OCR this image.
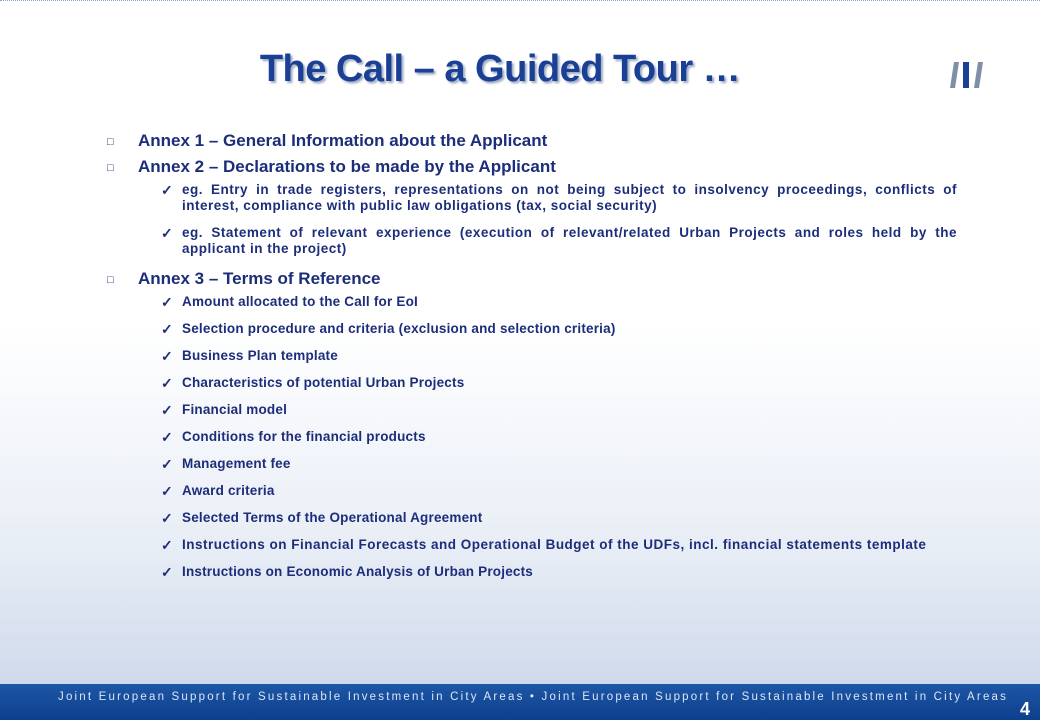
The Call – a Guided Tour …
□ Annex 1 – General Information about the Applicant
□ Annex 2 – Declarations to be made by the Applicant
✓ eg. Entry in trade registers, representations on not being subject to insolvency proceedings, conflicts of interest, compliance with public law obligations (tax, social security)
✓ eg. Statement of relevant experience (execution of relevant/related Urban Projects and roles held by the applicant in the project)
□ Annex 3 – Terms of Reference
✓ Amount allocated to the Call for EoI
✓ Selection procedure and criteria (exclusion and selection criteria)
✓ Business Plan template
✓ Characteristics of potential Urban Projects
✓ Financial model
✓ Conditions for the financial products
✓ Management fee
✓ Award criteria
✓ Selected Terms of the Operational Agreement
✓ Instructions on Financial Forecasts and Operational Budget of the UDFs, incl. financial statements template
✓ Instructions on Economic Analysis of Urban Projects
Joint European Support for Sustainable Investment in City Areas • Joint European Support for Sustainable Investment in City Areas
4
